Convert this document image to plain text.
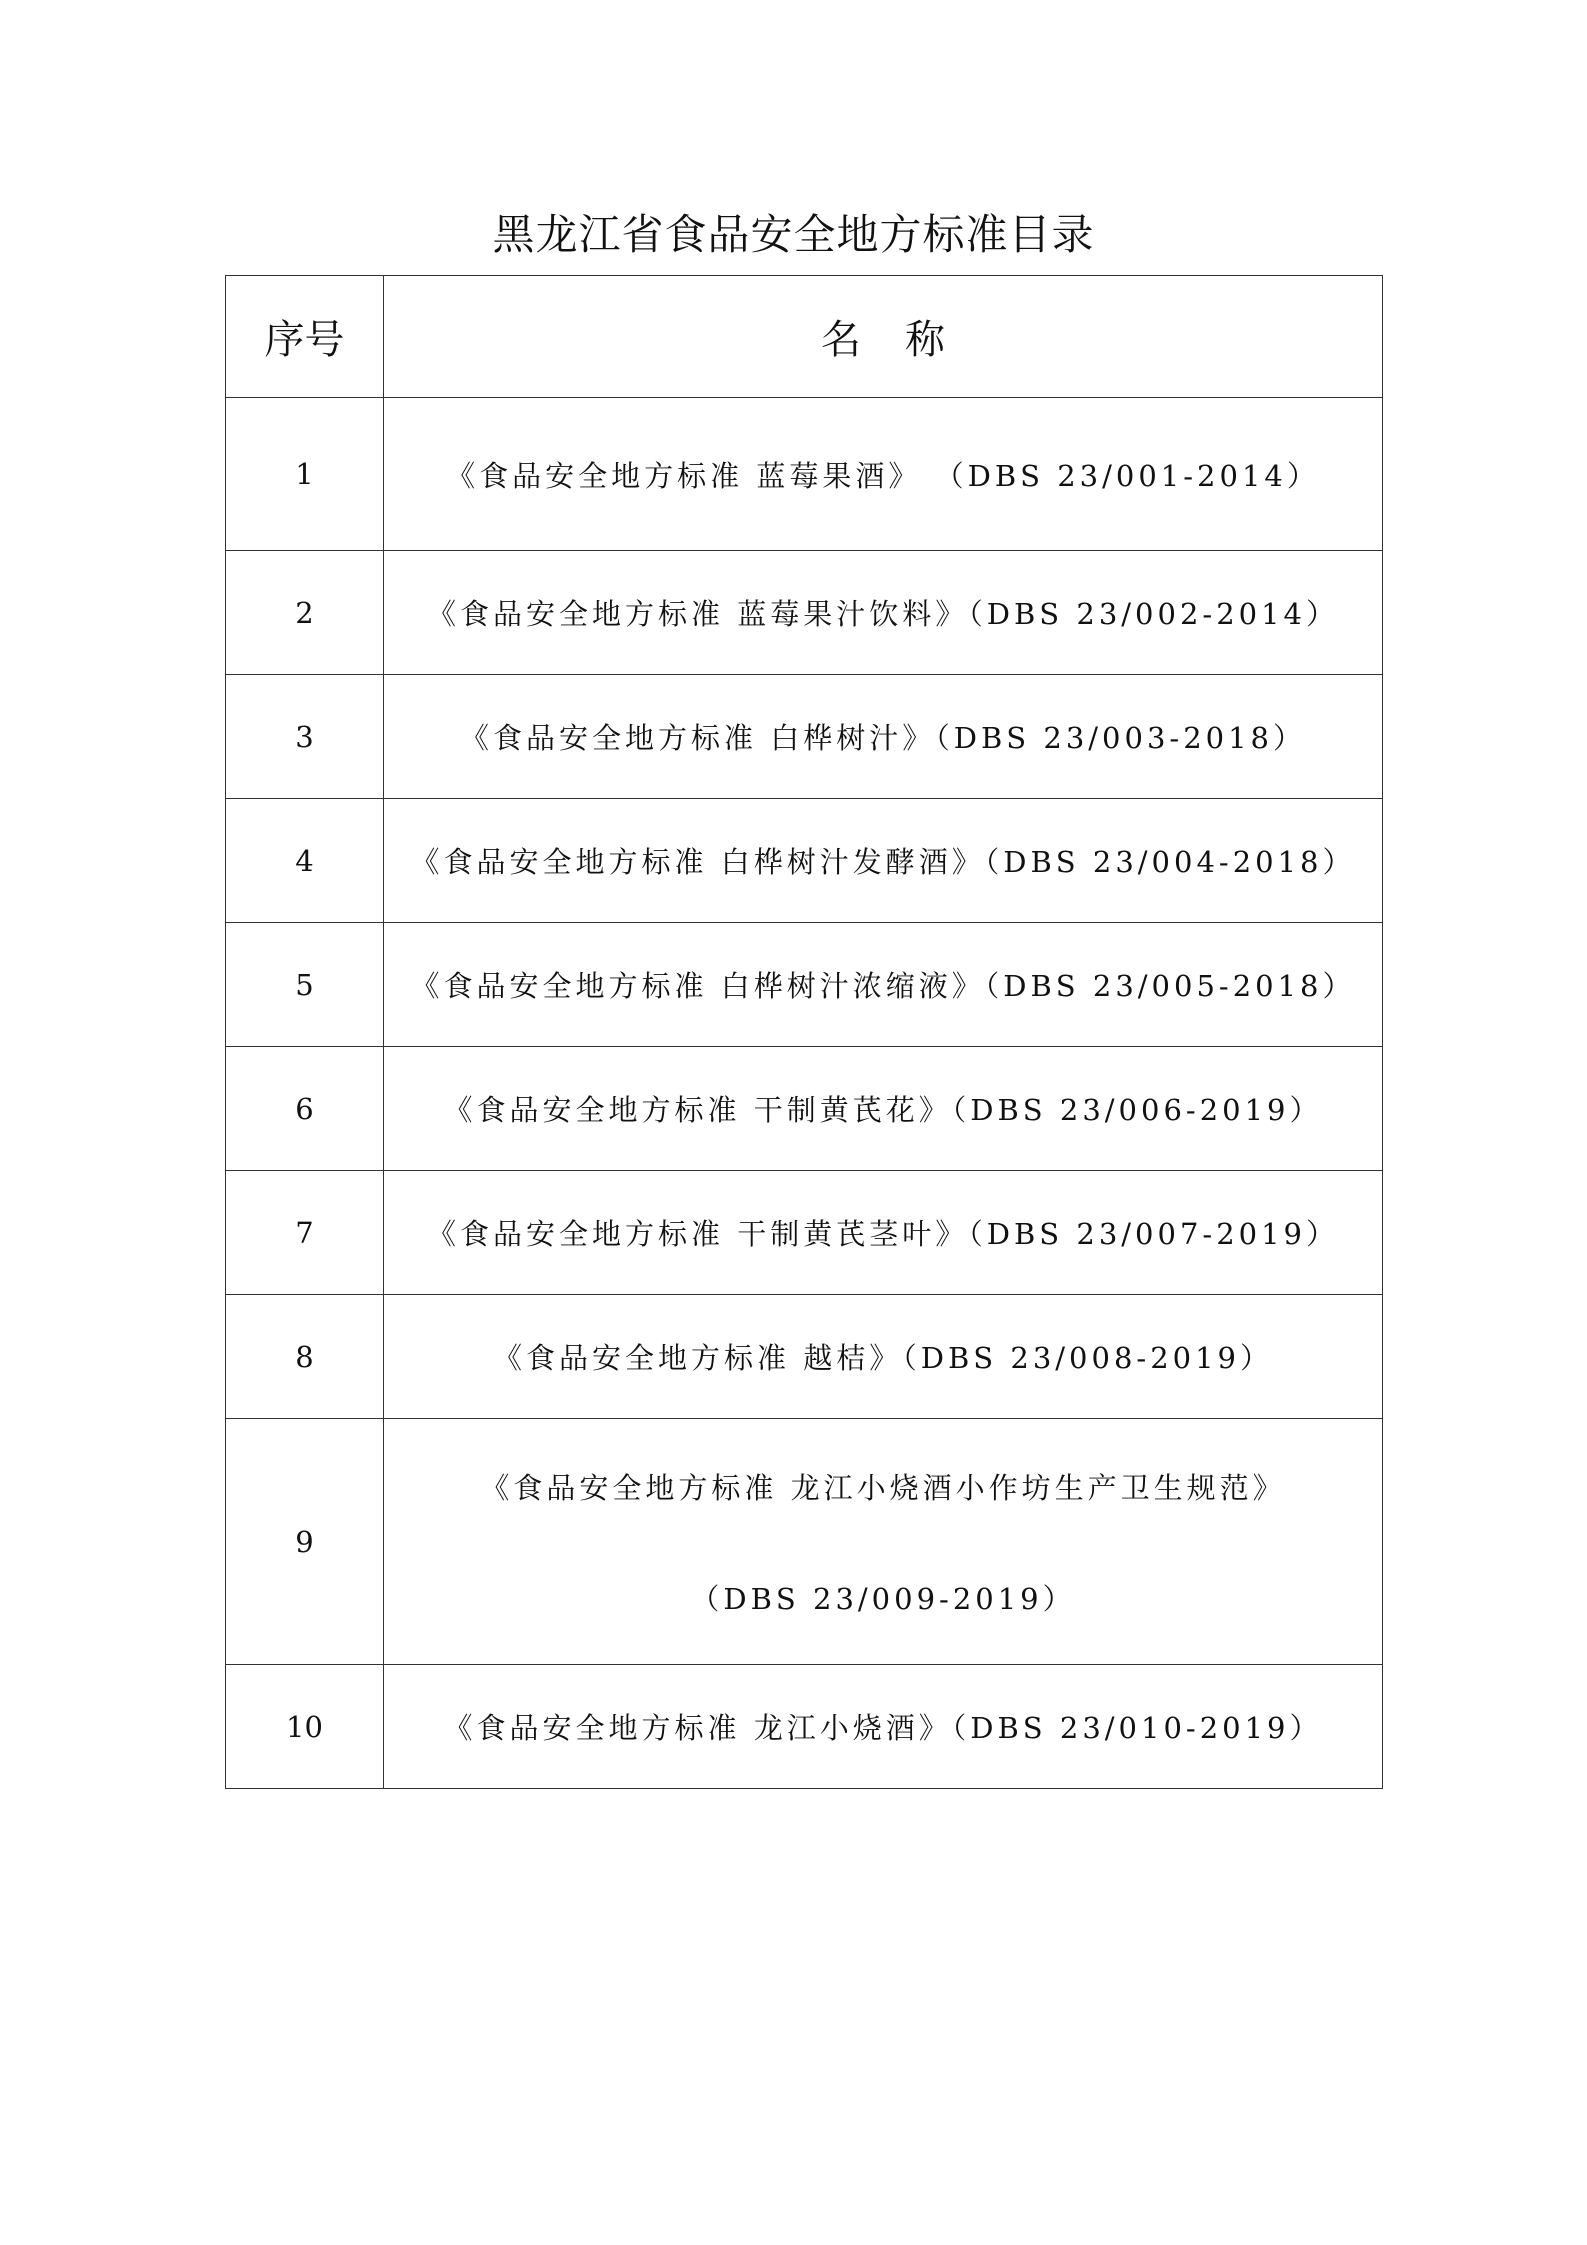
黑龙江省食品安全地方标准目录
序号	名称
1	《食品安全地方标准 蓝莓果酒》 （DBS 23/001-2014）
2	《食品安全地方标准 蓝莓果汁饮料》（DBS 23/002-2014）
3	《食品安全地方标准 白桦树汁》（DBS 23/003-2018）
4	《食品安全地方标准 白桦树汁发酵酒》（DBS 23/004-2018）
5	《食品安全地方标准 白桦树汁浓缩液》（DBS 23/005-2018）
6	《食品安全地方标准 干制黄芪花》（DBS 23/006-2019）
7	《食品安全地方标准 干制黄芪茎叶》（DBS 23/007-2019）
8	《食品安全地方标准 越桔》（DBS 23/008-2019）
9	《食品安全地方标准 龙江小烧酒小作坊生产卫生规范》
（DBS 23/009-2019）

10	《食品安全地方标准 龙江小烧酒》（DBS 23/010-2019）
